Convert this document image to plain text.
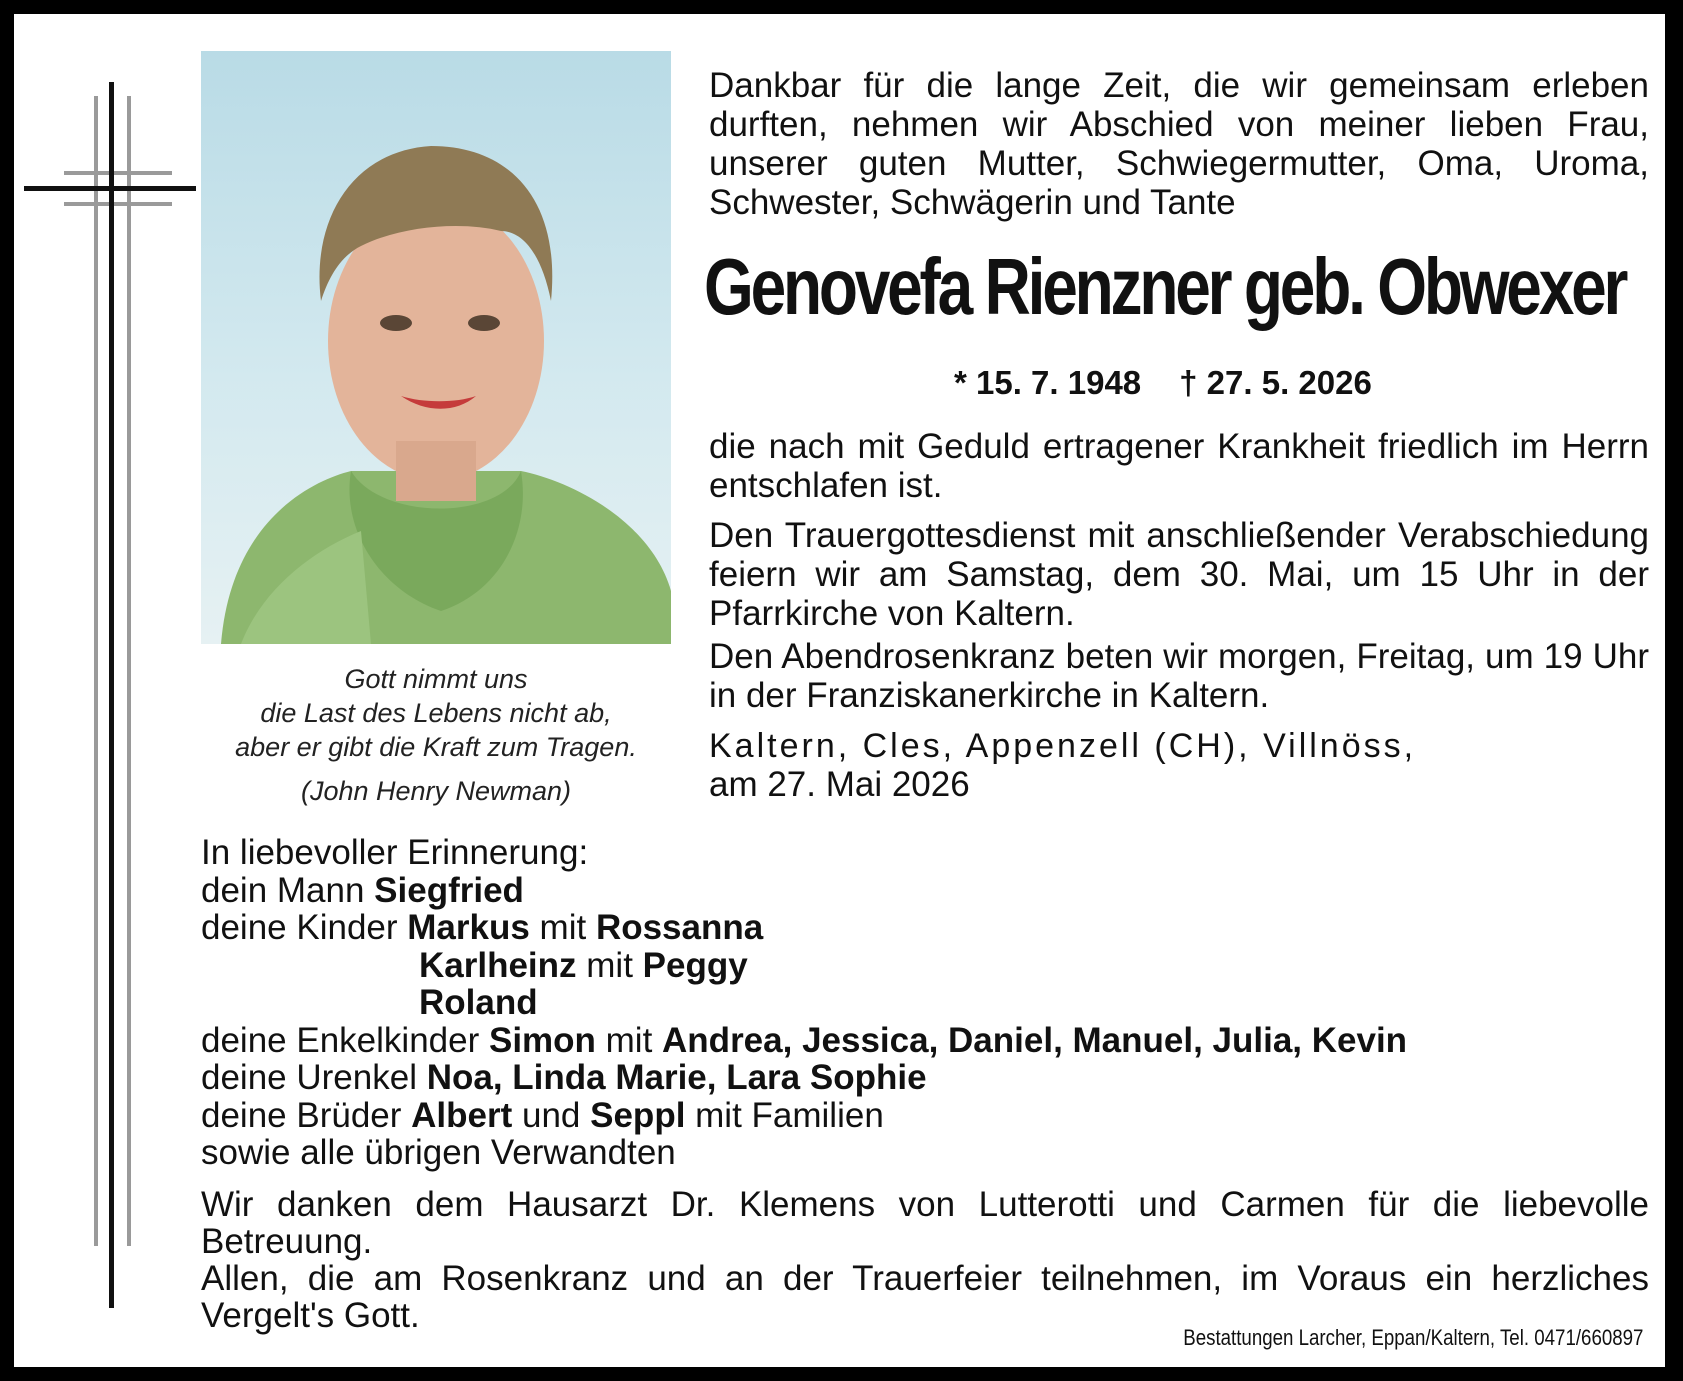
Gott nimmt uns
die Last des Lebens nicht ab,
aber er gibt die Kraft zum Tragen.
(John Henry Newman)
Dankbar für die lange Zeit, die wir gemeinsam erleben durften, nehmen wir Abschied von meiner lieben Frau, unserer guten Mutter, Schwiegermutter, Oma, Uroma, Schwester, Schwägerin und Tante
Genovefa Rienzner geb. Obwexer
* 15. 7. 1948 † 27. 5. 2026
die nach mit Geduld ertragener Krankheit friedlich im Herrn entschlafen ist.
Den Trauergottesdienst mit anschließender Verabschiedung feiern wir am Samstag, dem 30. Mai, um 15 Uhr in der Pfarrkirche von Kaltern.
Den Abendrosenkranz beten wir morgen, Freitag, um 19 Uhr in der Franziskanerkirche in Kaltern.
Kaltern, Cles, Appenzell (CH), Villnöss,
am 27. Mai 2026
In liebevoller Erinnerung:
dein Mann Siegfried
deine Kinder Markus mit Rossanna
Karlheinz mit Peggy
Roland
deine Enkelkinder Simon mit Andrea, Jessica, Daniel, Manuel, Julia, Kevin
deine Urenkel Noa, Linda Marie, Lara Sophie
deine Brüder Albert und Seppl mit Familien
sowie alle übrigen Verwandten
Wir danken dem Hausarzt Dr. Klemens von Lutterotti und Carmen für die liebevolle Betreuung.
Allen, die am Rosenkranz und an der Trauerfeier teilnehmen, im Voraus ein herzliches Vergelt's Gott.
Bestattungen Larcher, Eppan/Kaltern, Tel. 0471/660897
